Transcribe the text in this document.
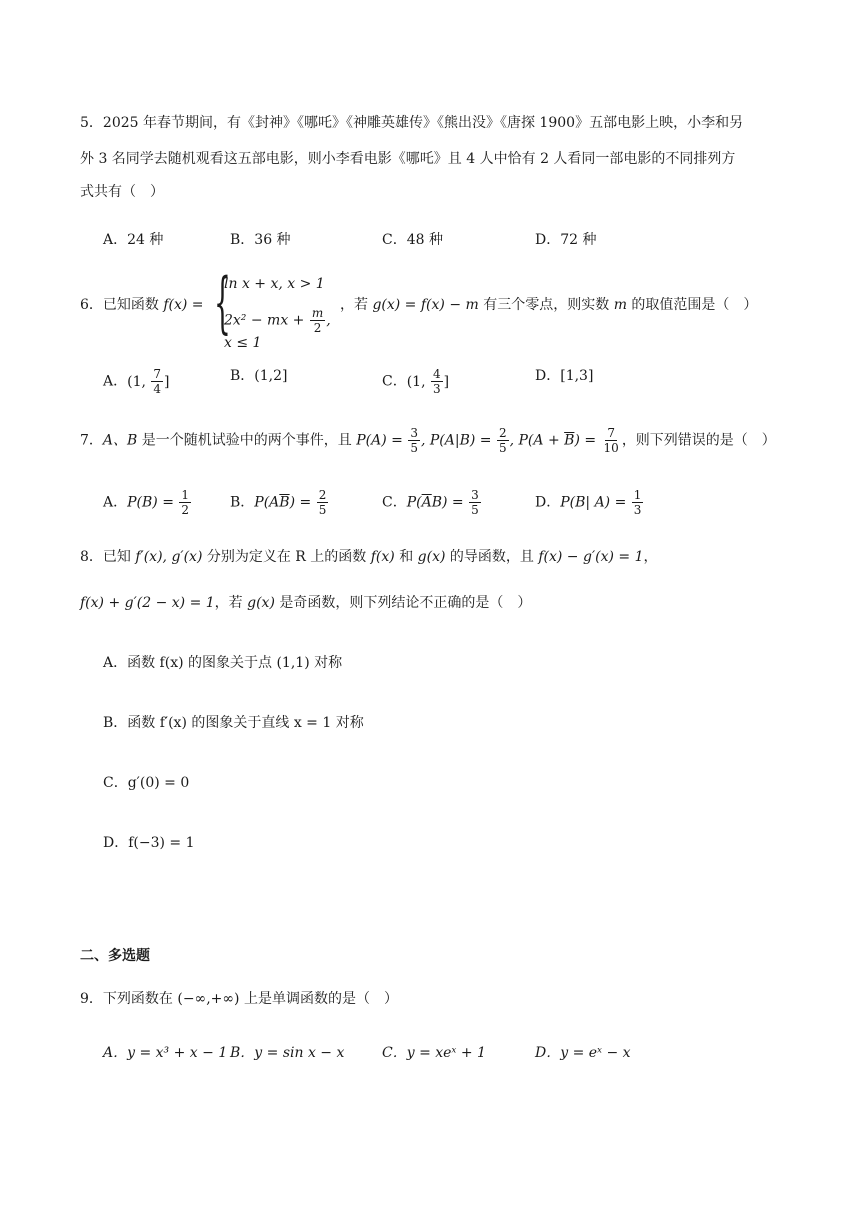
5．2025 年春节期间，有《封神》《哪吒》《神雕英雄传》《熊出没》《唐探 1900》五部电影上映，小李和另
外 3 名同学去随机观看这五部电影，则小李看电影《哪吒》且 4 人中恰有 2 人看同一部电影的不同排列方
式共有（　）
A．24 种	B．36 种	C．48 种	D．72 种
6．已知函数 f(x) = {
ln x + x, x > 1
2x² − mx + $\frac{m}{2}$ , x ≤ 1
，若 g(x) = f(x) − m 有三个零点，则实数 m 的取值范围是（　）
A．(1, $\frac{7}{4}$ ]	B．(1,2]	C．(1, $\frac{4}{3}$ ]	D．[1,3]
7．A、B 是一个随机试验中的两个事件，且 $P(A) = \frac{3}{5}$ , $P(A|B) = \frac{2}{5}$ , $P(A + \overline{B}) = \frac{7}{10}$ ，则下列错误的是（　）
A．$P(B) = \frac{1}{2}$	B．$P(A\overline{B}) = \frac{2}{5}$	C．$P(\overline{A}B) = \frac{3}{5}$	D．P(B| $A) = \frac{1}{3}$
8．已知 f′(x), g′(x) 分别为定义在 R 上的函数 f(x) 和 g(x) 的导函数，且 f(x) − g′(x) = 1，
f(x) + g′(2 − x) = 1，若 g(x) 是奇函数，则下列结论不正确的是（　）
A．函数 f(x) 的图象关于点 (1,1) 对称
B．函数 f′(x) 的图象关于直线 x = 1 对称
C．g′(0) = 0
D．f(−3) = 1
二、多选题
9．下列函数在 (−∞,+∞) 上是单调函数的是（　）
A．y = x³ + x − 1 B．y = sin x − x	C．y = xeˣ + 1	D．y = eˣ − x
